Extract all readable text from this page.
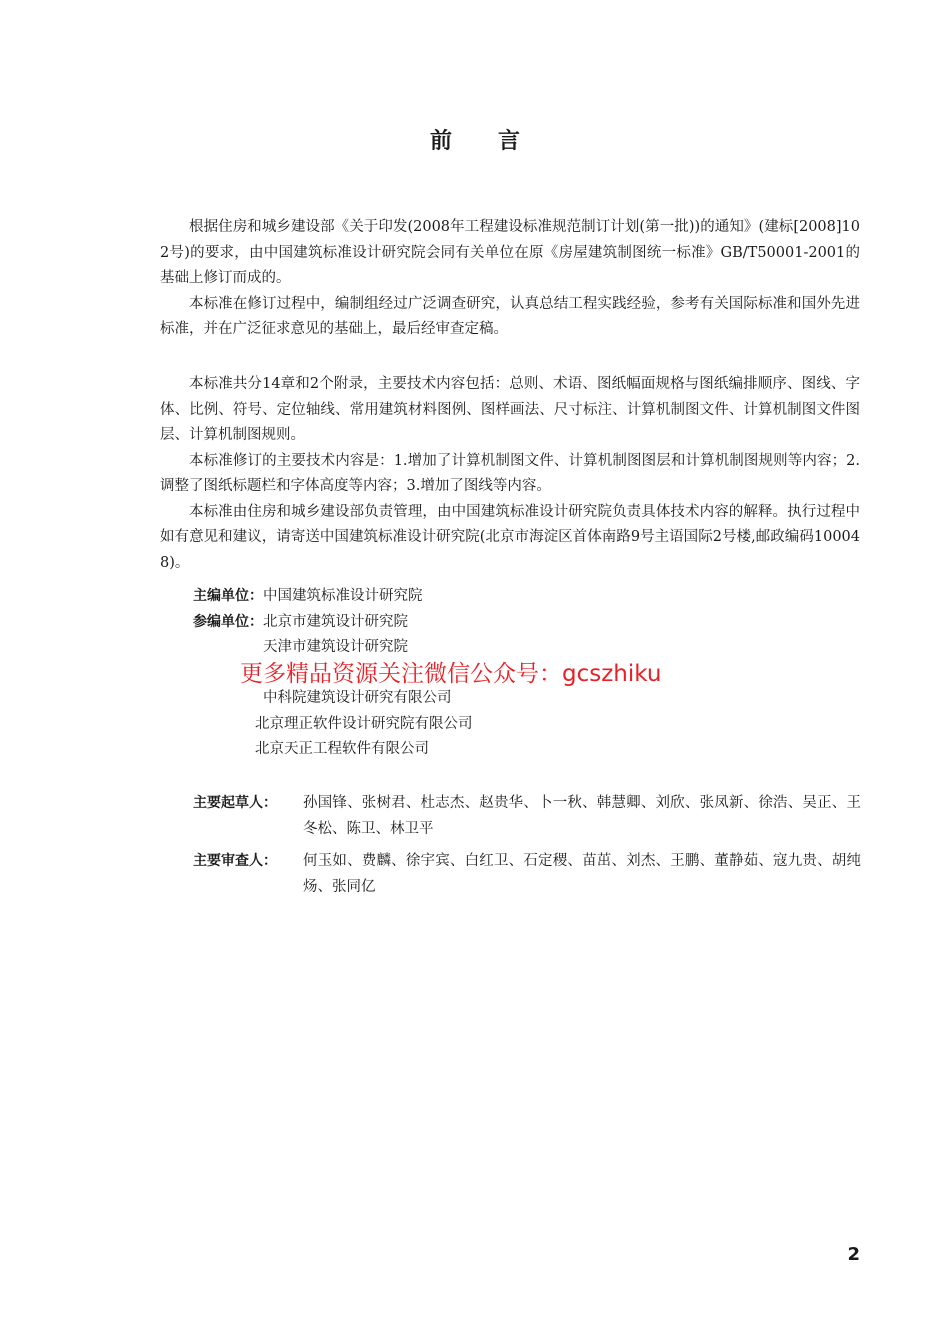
前 言

根据住房和城乡建设部《关于印发(2008年工程建设标准规范制订计划(第一批))的通知》(建标[2008]102号)的要求，由中国建筑标准设计研究院会同有关单位在原《房屋建筑制图统一标准》GB/T50001-2001的基础上修订而成的。

本标准在修订过程中，编制组经过广泛调查研究，认真总结工程实践经验，参考有关国际标准和国外先进标准，并在广泛征求意见的基础上，最后经审查定稿。

本标准共分14章和2个附录，主要技术内容包括：总则、术语、图纸幅面规格与图纸编排顺序、图线、字体、比例、符号、定位轴线、常用建筑材料图例、图样画法、尺寸标注、计算机制图文件、计算机制图文件图层、计算机制图规则。

本标准修订的主要技术内容是：1.增加了计算机制图文件、计算机制图图层和计算机制图规则等内容；2.调整了图纸标题栏和字体高度等内容；3.增加了图线等内容。

本标准由住房和城乡建设部负责管理，由中国建筑标准设计研究院负责具体技术内容的解释。执行过程中如有意见和建议，请寄送中国建筑标准设计研究院(北京市海淀区首体南路9号主语国际2号楼,邮政编码100048)。

主编单位： 中国建筑标准设计研究院
参编单位： 北京市建筑设计研究院
天津市建筑设计研究院
中科院建筑设计研究有限公司
北京理正软件设计研究院有限公司
北京天正工程软件有限公司
更多精品资源关注微信公众号：gcszhiku
主要起草人：	孙国锋、张树君、杜志杰、赵贵华、卜一秋、韩慧卿、刘欣、张凤新、徐浩、吴正、王冬松、陈卫、林卫平
主要审查人：	何玉如、费麟、徐宇宾、白红卫、石定稷、苗茁、刘杰、王鹏、董静茹、寇九贵、胡纯炀、张同亿
2
